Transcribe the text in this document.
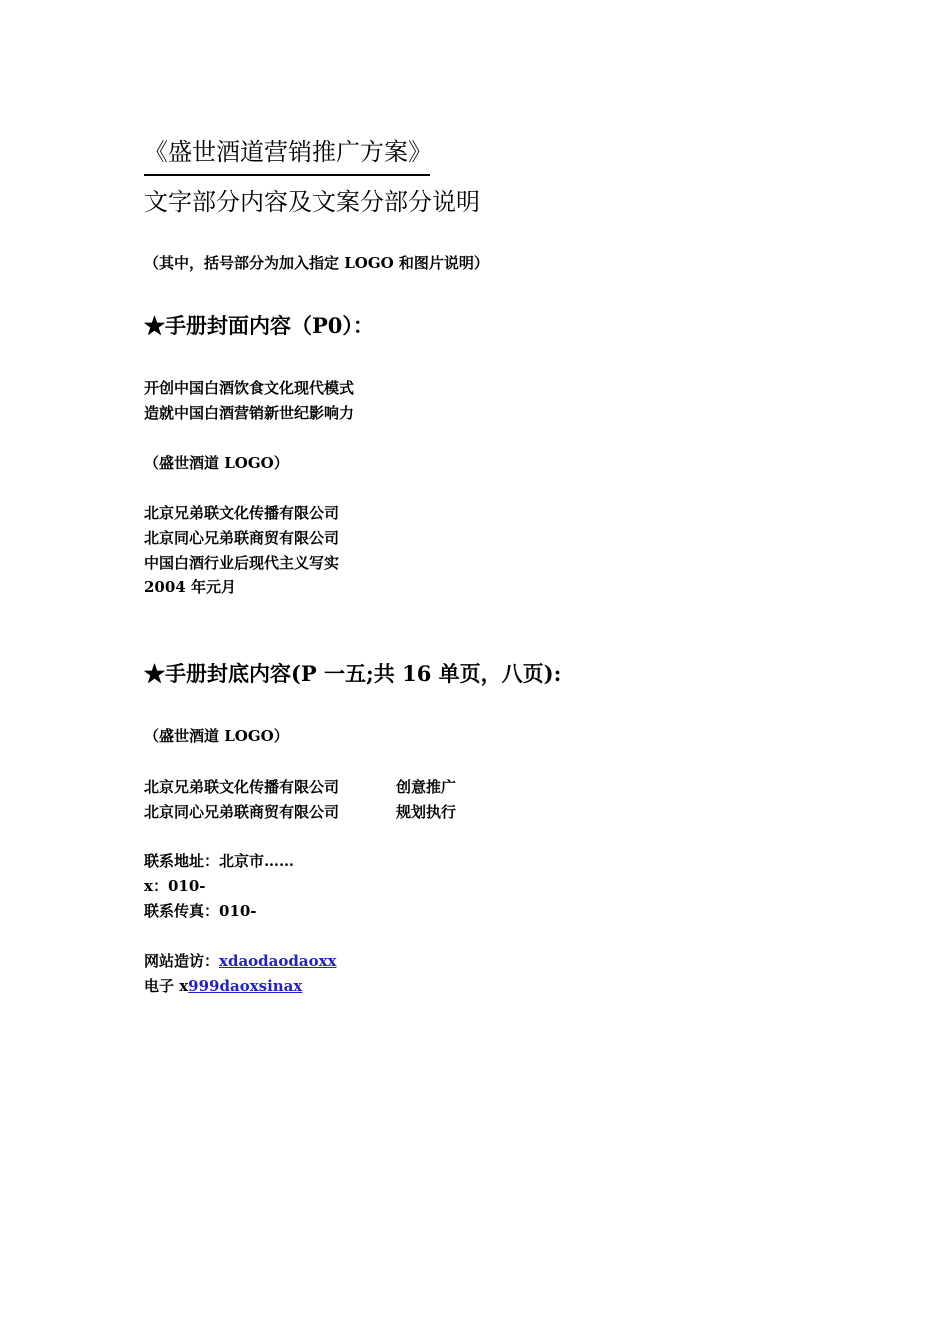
《盛世酒道营销推广方案》
文字部分内容及文案分部分说明
（其中，括号部分为加入指定 LOGO 和图片说明）
★手册封面内容（P0）：
开创中国白酒饮食文化现代模式
造就中国白酒营销新世纪影响力
（盛世酒道 LOGO）
北京兄弟联文化传播有限公司
北京同心兄弟联商贸有限公司
中国白酒行业后现代主义写实
2004 年元月
★手册封底内容(P 一五;共 16 单页，八页):
（盛世酒道 LOGO）
北京兄弟联文化传播有限公司	创意推广
北京同心兄弟联商贸有限公司	规划执行
联系地址：北京市……
x：010-
联系传真：010-
网站造访：xdaodaodaoxx
电子 x999daoxsinax
